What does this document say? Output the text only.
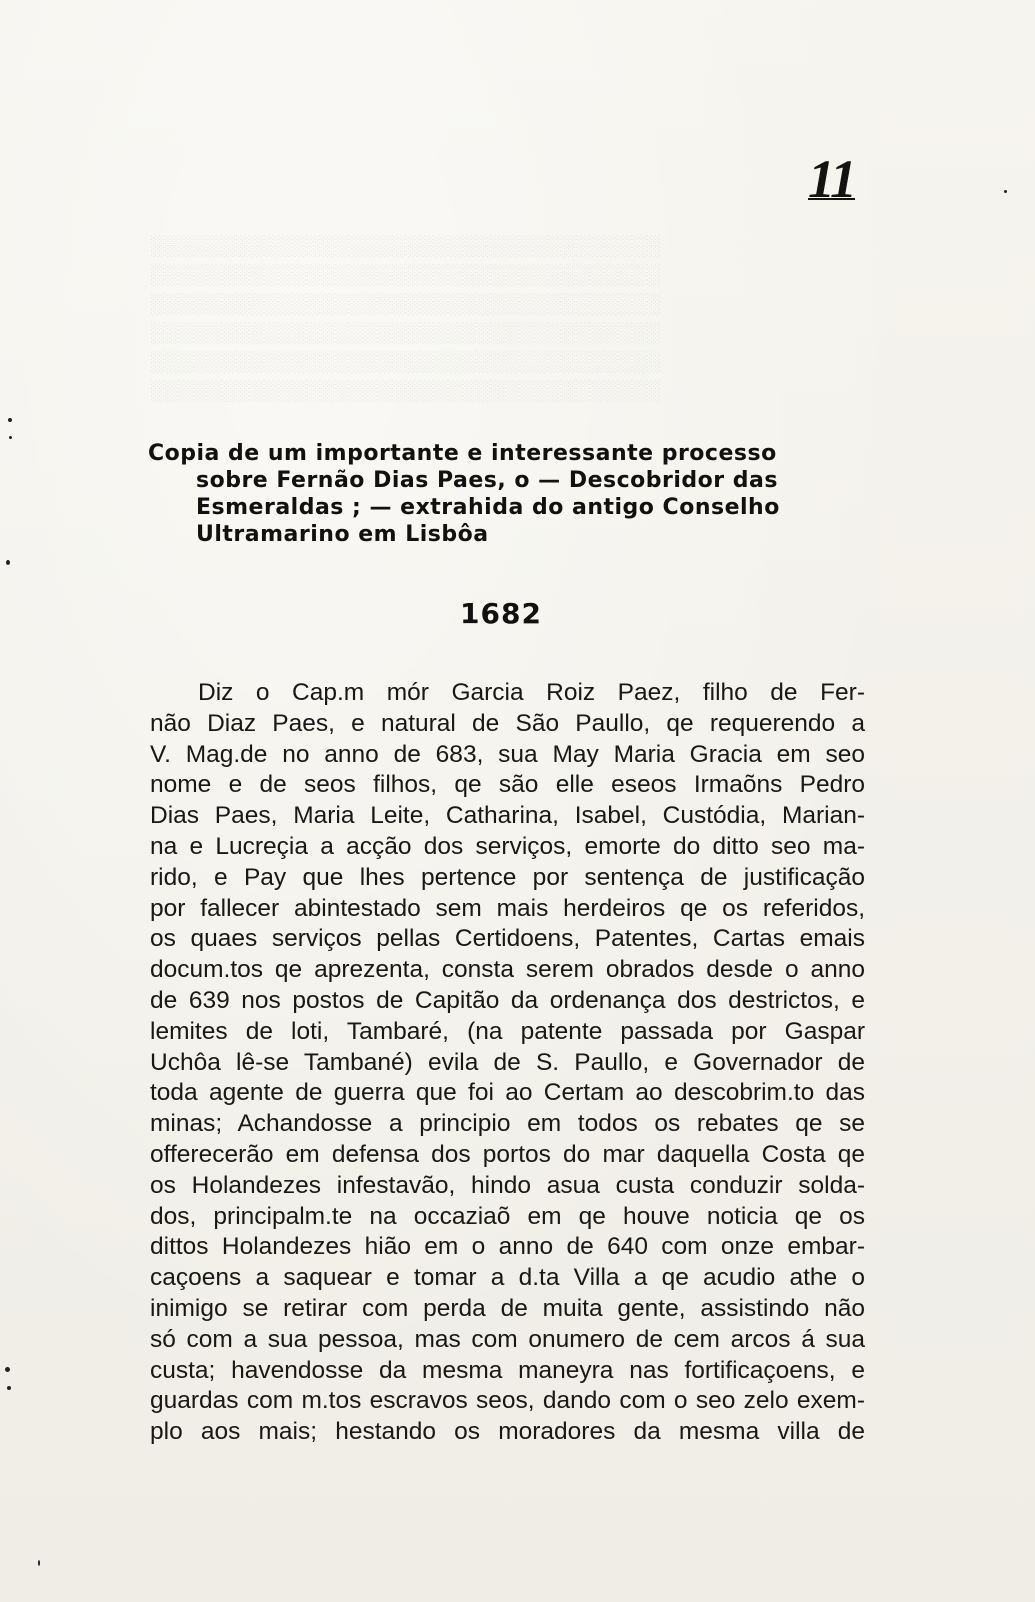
11
░░░░░░░░░░░░░░░░░░░░░░░░░░░░░░░░░░░░
░░░░░░░░░░░░░░░░░░░░░░░░░░░░░░░░░░░░
░░░░░░░░░░░░░░░░░░░░░░░░░░░░░░░░░░░░
░░░░░░░░░░░░░░░░░░░░░░░░░░░░░░░░░░░░
░░░░░░░░░░░░░░░░░░░░░░░░░░░░░░░░░░░░
░░░░░░░░░░░░░░░░░░░░░░░░░░░░░░░░░░░░
Copia de um importante e interessante processo
sobre Fernão Dias Paes, o — Descobridor das
Esmeraldas ; — extrahida do antigo Conselho
Ultramarino em Lisbôa
1682
Diz o Cap.m mór Garcia Roiz Paez, filho de Fer-
não Diaz Paes, e natural de São Paullo, qe requerendo a
V. Mag.de no anno de 683, sua May Maria Gracia em seo
nome e de seos filhos, qe são elle eseos Irmaõns Pedro
Dias Paes, Maria Leite, Catharina, Isabel, Custódia, Marian-
na e Lucreçia a acção dos serviços, emorte do ditto seo ma-
rido, e Pay que lhes pertence por sentença de justificação
por fallecer abintestado sem mais herdeiros qe os referidos,
os quaes serviços pellas Certidoens, Patentes, Cartas emais
docum.tos qe aprezenta, consta serem obrados desde o anno
de 639 nos postos de Capitão da ordenança dos destrictos, e
lemites de loti, Tambaré, (na patente passada por Gaspar
Uchôa lê-se Tambané) evila de S. Paullo, e Governador de
toda agente de guerra que foi ao Certam ao descobrim.to das
minas; Achandosse a principio em todos os rebates qe se
offerecerão em defensa dos portos do mar daquella Costa qe
os Holandezes infestavão, hindo asua custa conduzir solda-
dos, principalm.te na occaziaõ em qe houve noticia qe os
dittos Holandezes hião em o anno de 640 com onze embar-
caçoens a saquear e tomar a d.ta Villa a qe acudio athe o
inimigo se retirar com perda de muita gente, assistindo não
só com a sua pessoa, mas com onumero de cem arcos á sua
custa; havendosse da mesma maneyra nas fortificaçoens, e
guardas com m.tos escravos seos, dando com o seo zelo exem-
plo aos mais; hestando os moradores da mesma villa de
